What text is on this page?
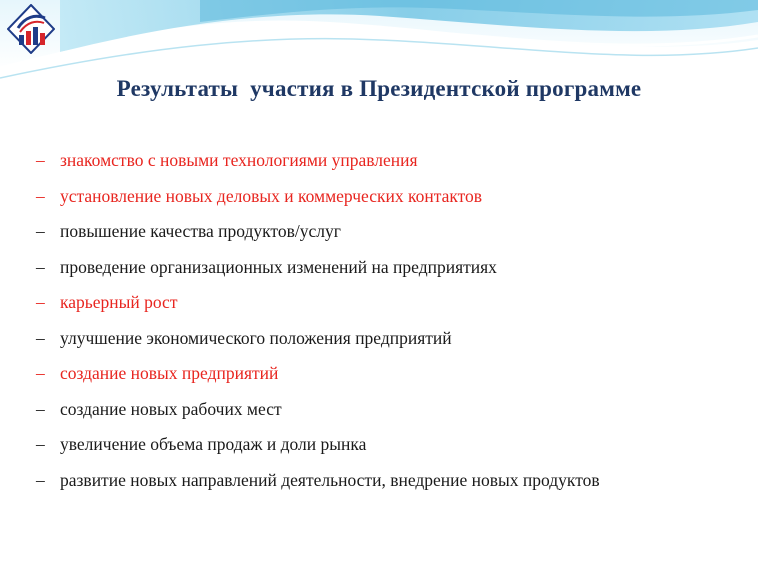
Результаты  участия в Президентской программе
– знакомство с новыми технологиями управления
– установление новых деловых и коммерческих контактов
– повышение качества продуктов/услуг
– проведение организационных изменений на предприятиях
– карьерный рост
– улучшение экономического положения предприятий
– создание новых предприятий
– создание новых рабочих мест
– увеличение объема продаж и доли рынка
– развитие новых направлений деятельности, внедрение новых продуктов
